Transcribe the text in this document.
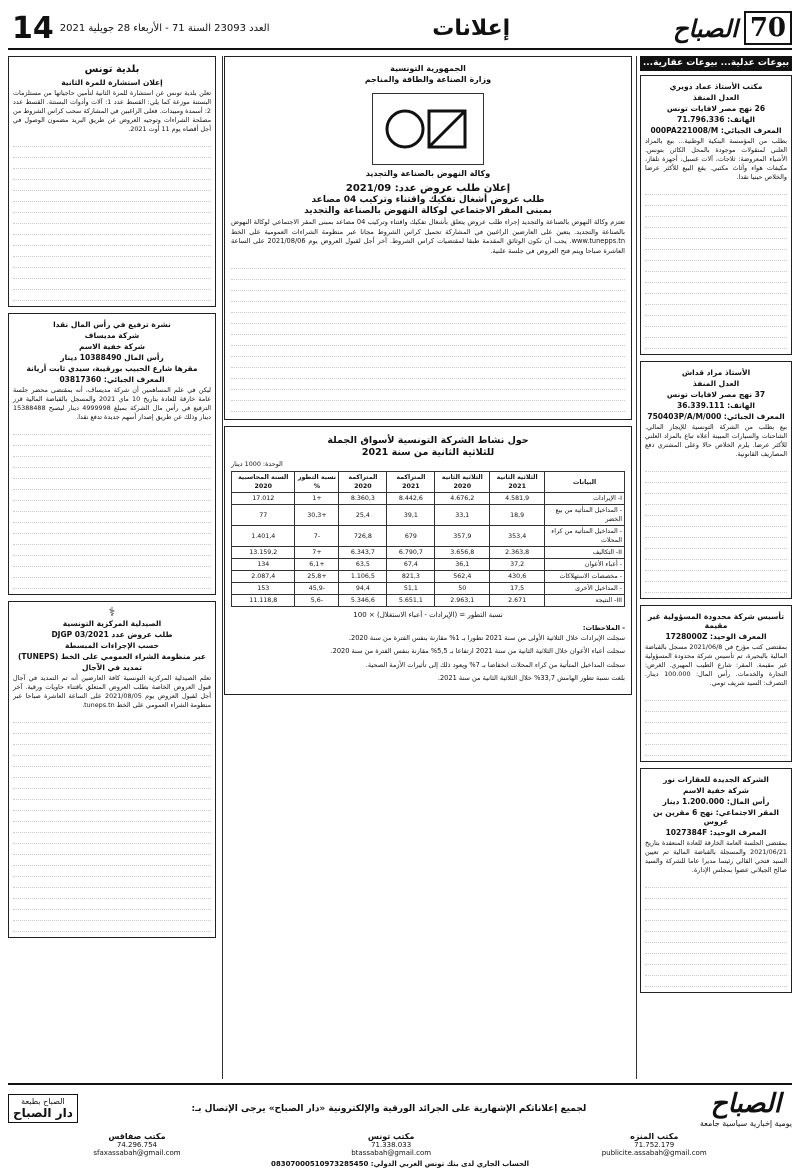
70
الصباح
إعلانات
العدد 23093 السنة 71 - الأربعاء 28 جويلية 2021
14
بيوعات عدلية... بيوعات عقارية...
مكتب الأستاذ عماد دويري
العدل المنفذ
26 نهج مصر لافايات تونس
الهاتف: 71.796.336
المعرف الجبائي: 000PA221008/M

بطلب من المؤسسة البنكية الوطنية... بيع بالمزاد العلني لمنقولات موجودة بالمحل الكائن بتونس. الأشياء المعروضة: ثلاجات، آلات غسيل، أجهزة تلفاز، مكيفات هواء وأثاث مكتبي. يقع البيع للأكثر عرضا والخلاص حينيا نقدا.

الأستاذ مراد قداش
العدل المنفذ
37 نهج مصر لافايات تونس
الهاتف: 36.339.111
المعرف الجبائي: 750403P/A/M/000

بيع بطلب من الشركة التونسية للإيجار المالي. الشاحنات والسيارات المبينة أعلاه تباع بالمزاد العلني للأكثر عرضا. يلزم الخلاص حالا وعلى المشتري دفع المصاريف القانونية.

تأسيس شركة محدودة المسؤولية غير مقيمة
المعرف الوحيد: 1728000Z

بمقتضى كتب مؤرخ في 2021/06/8 مسجل بالقباضة المالية بالبحيرة، تم تأسيس شركة محدودة المسؤولية غير مقيمة. المقر: شارع الطيب المهيري. الغرض: التجارة والخدمات. رأس المال: 100.000 دينار. التصرف: السيد شريف تومي.

الشركة الجديدة للعقارات نور
شركة خفية الاسم
رأس المال: 1.200.000 دينار
المقر الاجتماعي: نهج 6 مقرين بن عروس
المعرف الوحيد: 1027384F

بمقتضى الجلسة العامة الخارقة للعادة المنعقدة بتاريخ 2021/06/21 والمسجلة بالقباضة المالية تم تعيين السيد فتحي القالي رئيسا مديرا عاما للشركة والسيد صالح الجيلاني عضوا بمجلس الإدارة.

الجمهورية التونسية
وزارة الصناعة والطاقة والمناجم
وكالة النهوض بالصناعة والتجديد
إعلان طلب عروض عدد: 2021/09
طلب عروض أشغال تفكيك واقتناء وتركيب 04 مصاعد
بمبنى المقر الاجتماعي لوكالة النهوض بالصناعة والتجديد

تعتزم وكالة النهوض بالصناعة والتجديد إجراء طلب عروض يتعلق بأشغال تفكيك واقتناء وتركيب 04 مصاعد بمبنى المقر الاجتماعي لوكالة النهوض بالصناعة والتجديد. يتعين على العارضين الراغبين في المشاركة تحميل كراس الشروط مجانا عبر منظومة الشراءات العمومية على الخط www.tunepps.tn. يجب أن تكون الوثائق المقدمة طبقا لمقتضيات كراس الشروط. آخر أجل لقبول العروض يوم 2021/08/06 على الساعة العاشرة صباحا ويتم فتح العروض في جلسة علنية.

حول نشاط الشركة التونسية لأسواق الجملة
للثلاثية الثانية من سنة 2021
الوحدة: 1000 دينار
البيانات	الثلاثية الثانية 2021	الثلاثية الثانية 2020	المتراكمة 2021	المتراكمة 2020	نسبة التطور %	السنة المحاسبية 2020
I- الإيرادات	4.581,9	4.676,2	8.442,6	8.360,3	+1	17.012
- المداخيل المتأتية من بيع الخضر	18,9	33,1	39,1	25,4	+30,3	77
- المداخيل المتأتية من كراء المحلات	353,4	357,9	679	726,8	-7	1.401,4
II- التكاليف	2.363,8	3.656,8	6.790,7	6.343,7	+7	13.159,2
- أعباء الأعوان	37,2	36,1	67,4	63,5	+6,1	134
- مخصصات الاستهلاكات	430,6	562,4	821,3	1.106,5	+25,8	2.087,4
- المداخيل الأخرى	17,5	50	51,1	94,4	-45,9	153
III- النتيجة	2.671	2.963,1	5.651,1	5.346,6	-5,6	11.118,8
نسبة التطور = (الإيرادات - أعباء الاستغلال) × 100
- الملاحظات:

سجلت الإيرادات خلال الثلاثية الأولى من سنة 2021 تطورا بـ 1% مقارنة بنفس الفترة من سنة 2020.

سجلت أعباء الأعوان خلال الثلاثية الثانية من سنة 2021 ارتفاعا بـ 5,5% مقارنة بنفس الفترة من سنة 2020.

سجلت المداخيل المتأتية من كراء المحلات انخفاضا بـ 7% ويعود ذلك إلى تأثيرات الأزمة الصحية.

بلغت نسبة تطور الهامش 33,7% خلال الثلاثية الثانية من سنة 2021.

بلدية تونس
إعلان استشارة للمرة الثانية

تعلن بلدية تونس عن استشارة للمرة الثانية لتأمين حاجياتها من مستلزمات البستنة موزعة كما يلي: القسط عدد 1: آلات وأدوات البستنة. القسط عدد 2: أسمدة ومبيدات. فعلى الراغبين في المشاركة سحب كراس الشروط من مصلحة الشراءات وتوجيه العروض عن طريق البريد مضمون الوصول في أجل أقصاه يوم 11 أوت 2021.

نشرة ترفيع في رأس المال نقدا
شركة مديساف
شركة خفية الاسم
رأس المال 10388490 دينار
مقرها شارع الحبيب بورقيبة، سيدي ثابت أريانة
المعرف الجبائي: 03817360

ليكن في علم المساهمين أن شركة مديساف، أنه بمقتضى محضر جلسة عامة خارقة للعادة بتاريخ 10 ماي 2021 والمسجل بالقباضة المالية قرر الترفيع في رأس مال الشركة بمبلغ 4999998 دينار ليصبح 15388488 دينار وذلك عن طريق إصدار أسهم جديدة تدفع نقدا.

⚕
الصيدلية المركزية التونسية
طلب عروض عدد DJGP 03/2021
حسب الإجراءات المبسطة
عبر منظومة الشراء العمومي على الخط (TUNEPS)
تمديد في الآجال

تعلم الصيدلية المركزية التونسية كافة العارضين أنه تم التمديد في آجال قبول العروض الخاصة بطلب العروض المتعلق باقتناء حاويات ورقية. آخر أجل لقبول العروض يوم 2021/08/05 على الساعة العاشرة صباحا عبر منظومة الشراء العمومي على الخط tuneps.tn.

الصباح
يومية إخبارية سياسية جامعة
لجميع إعلاناتكم الإشهارية على الجرائد الورقية والإلكترونية «دار الصباح» يرجى الإتصال بـ:
الصباح بطبعة
دار الصباح
مكتب المنزه
71.752.179
publicite.assabah@gmail.com
مكتب تونس
71.338.033
btassabah@gmail.com
مكتب صفاقس
74.296.754
sfaxassabah@gmail.com
الحساب الجاري لدى بنك تونس العربي الدولي: 08307000510973285450
